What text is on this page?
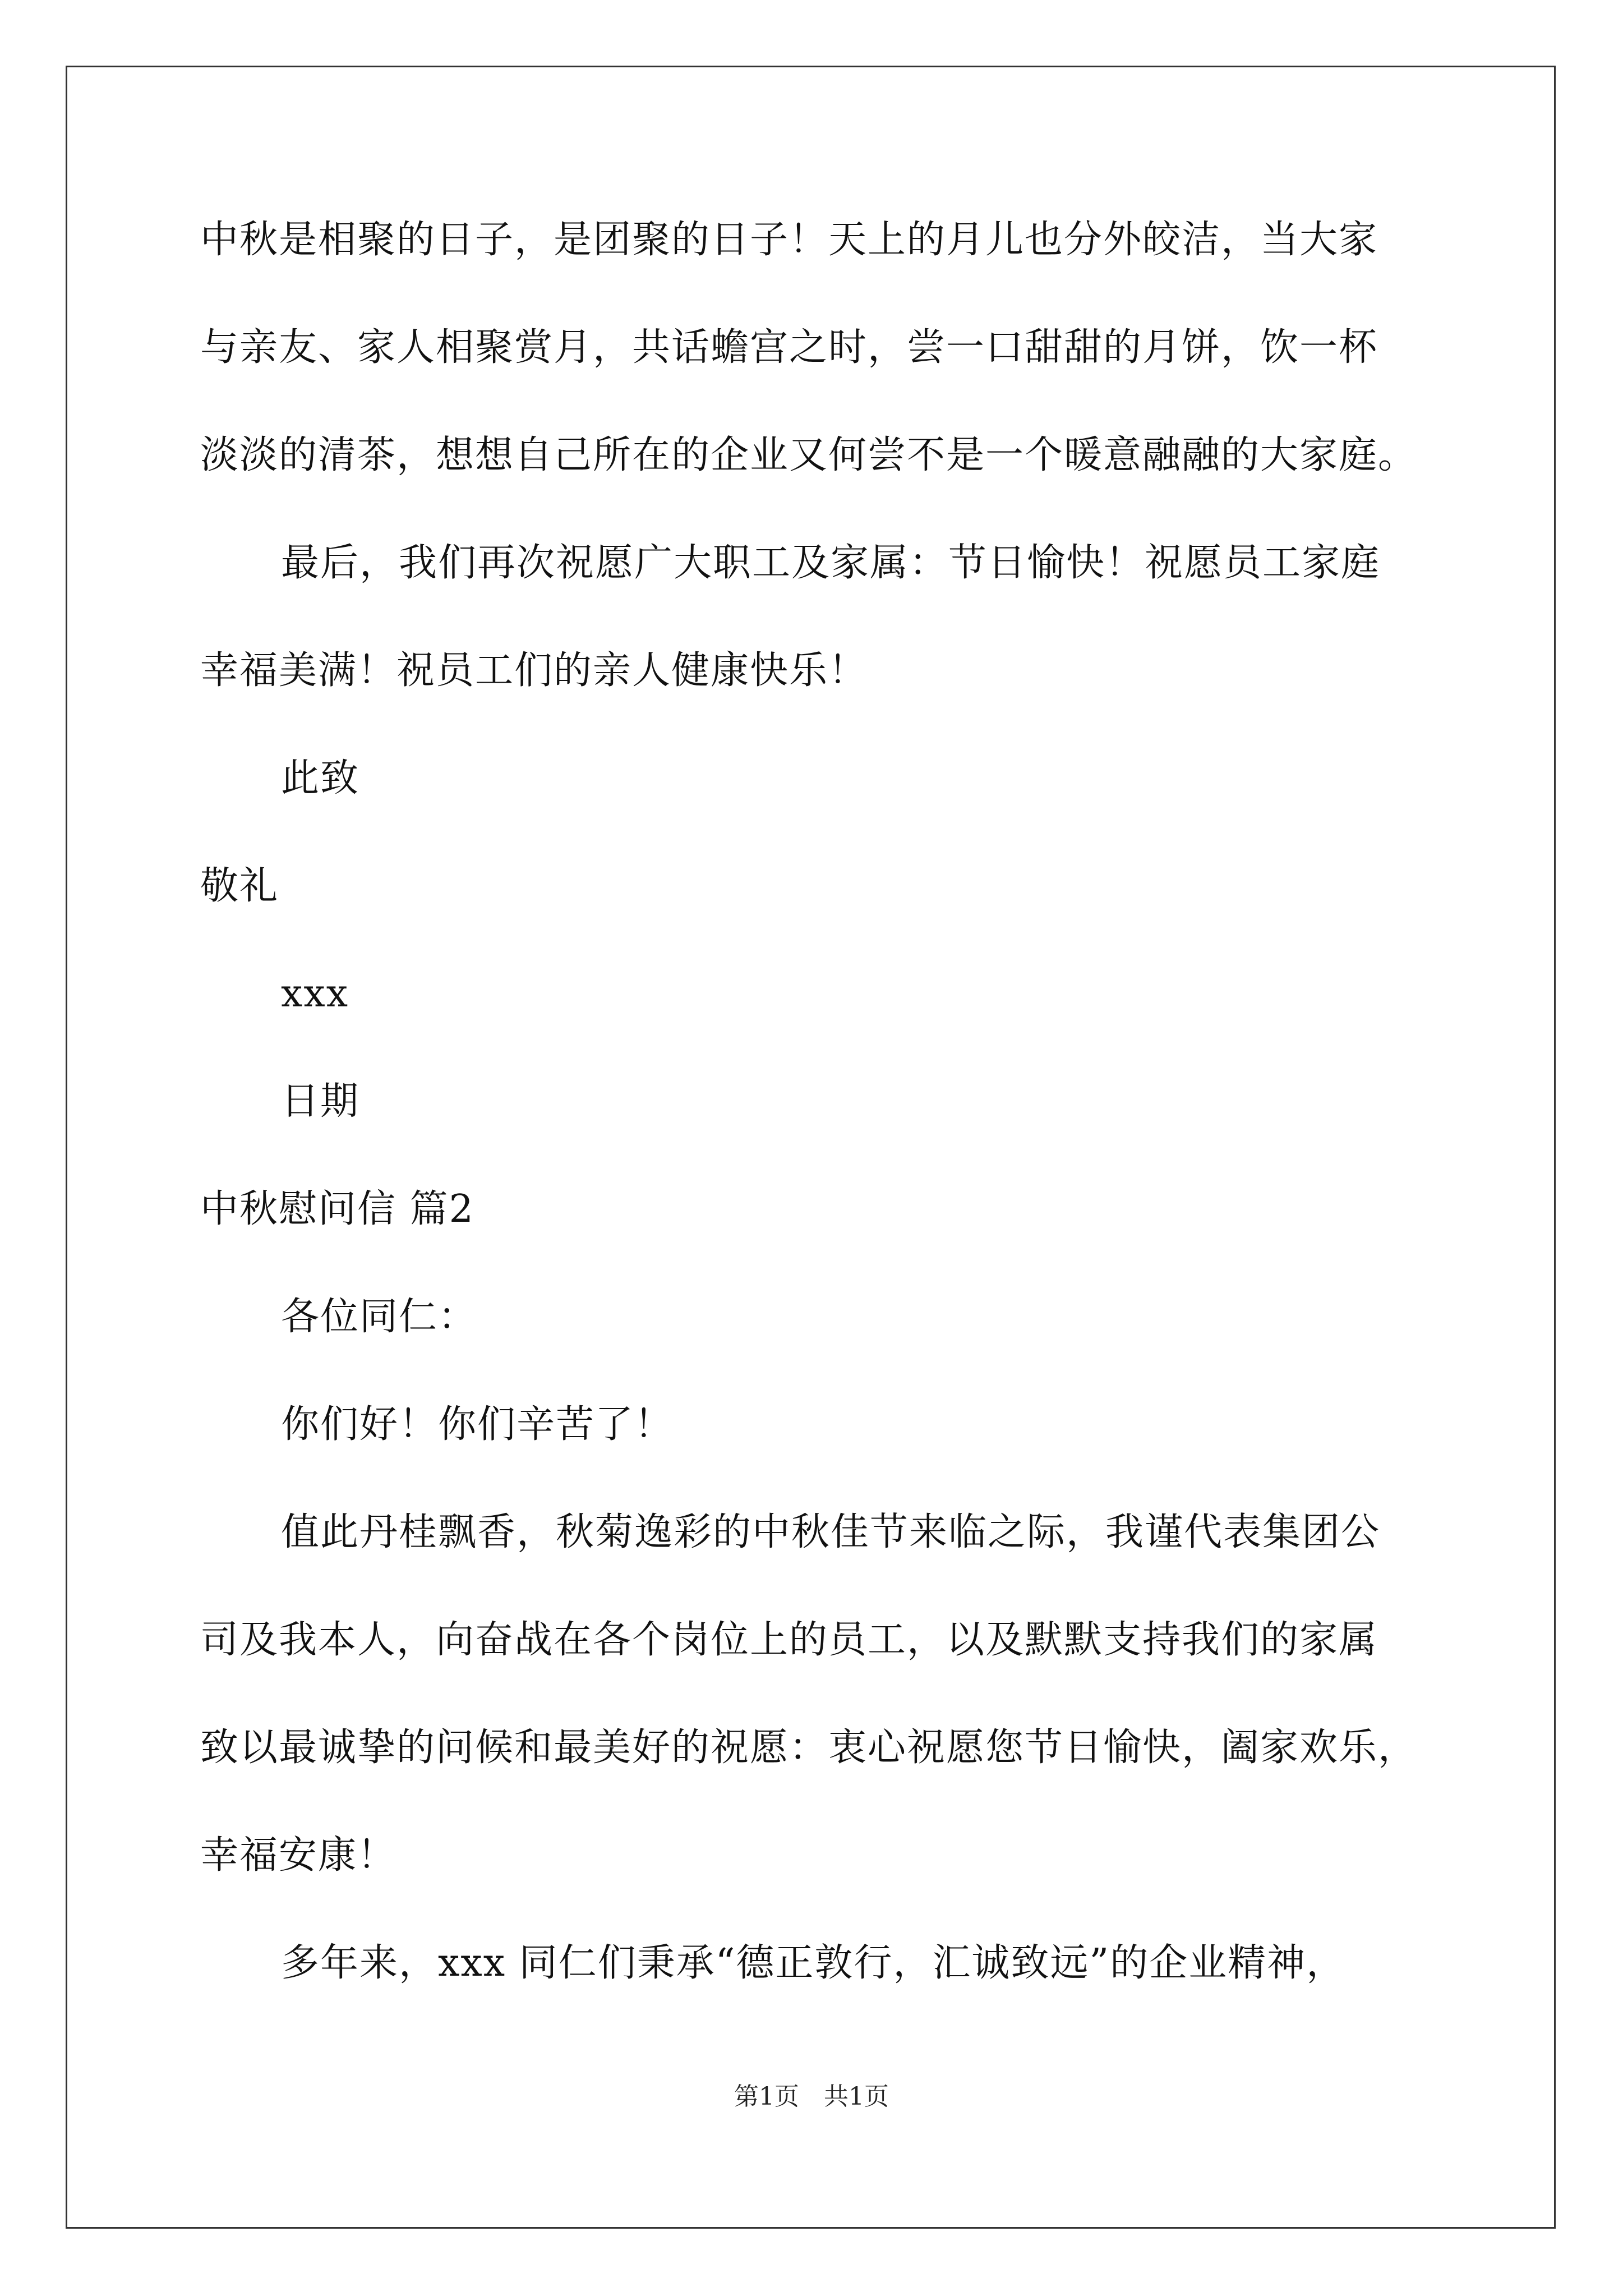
中秋是相聚的日子，是团聚的日子！天上的月儿也分外皎洁，当大家
与亲友、家人相聚赏月，共话蟾宫之时，尝一口甜甜的月饼，饮一杯
淡淡的清茶，想想自己所在的企业又何尝不是一个暖意融融的大家庭。
最后，我们再次祝愿广大职工及家属：节日愉快！祝愿员工家庭
幸福美满！祝员工们的亲人健康快乐！
此致
敬礼
xxx
日期
中秋慰问信 篇2
各位同仁：
你们好！你们辛苦了！
值此丹桂飘香，秋菊逸彩的中秋佳节来临之际，我谨代表集团公
司及我本人，向奋战在各个岗位上的员工，以及默默支持我们的家属
致以最诚挚的问候和最美好的祝愿：衷心祝愿您节日愉快，阖家欢乐，
幸福安康！
多年来，xxx 同仁们秉承“德正敦行，汇诚致远”的企业精神，
第1页　共1页
